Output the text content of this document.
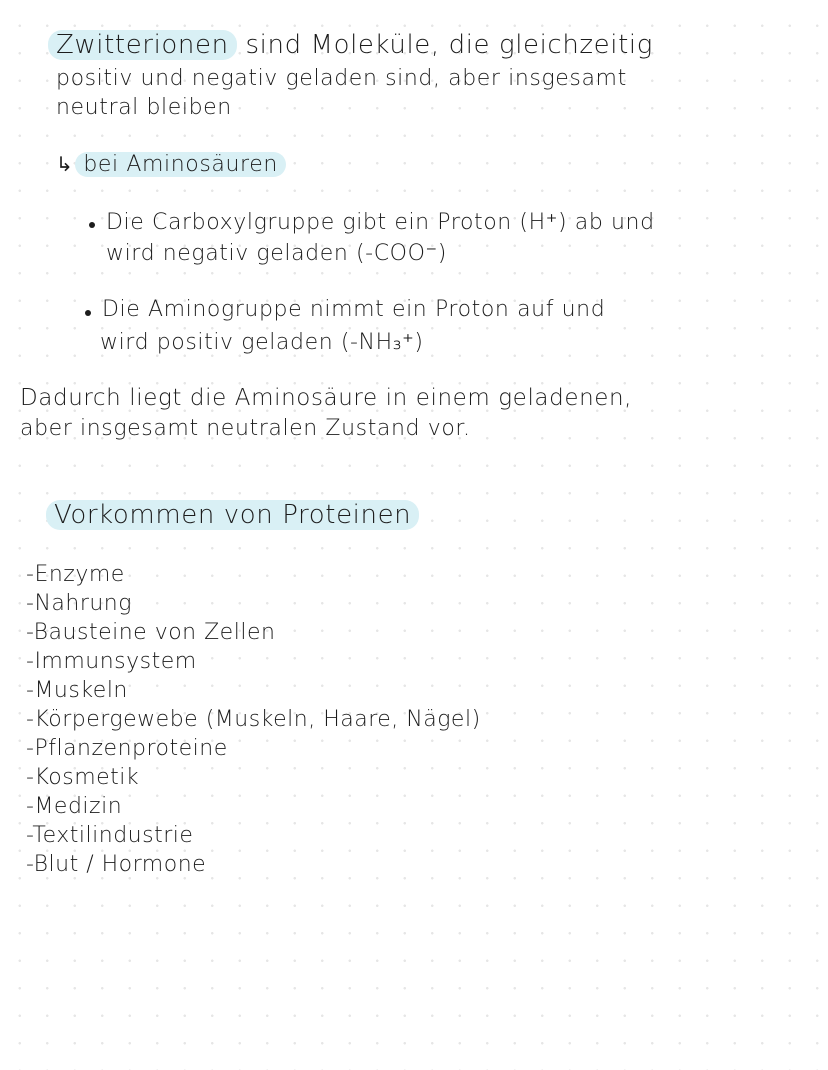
Zwitterionen sind Moleküle, die gleichzeitig

positiv und negativ geladen sind, aber insgesamt

neutral bleiben

↳ bei Aminosäuren

Die Carboxylgruppe gibt ein Proton (H⁺) ab und

wird negativ geladen (-COO⁻)

Die Aminogruppe nimmt ein Proton auf und

wird positiv geladen (-NH₃⁺)

Dadurch liegt die Aminosäure in einem geladenen,

aber insgesamt neutralen Zustand vor.

Vorkommen von Proteinen

-Enzyme
-Nahrung
-Bausteine von Zellen
-Immunsystem
-Muskeln
-Körpergewebe (Muskeln, Haare, Nägel)
-Pflanzenproteine
-Kosmetik
-Medizin
-Textilindustrie
-Blut / Hormone
